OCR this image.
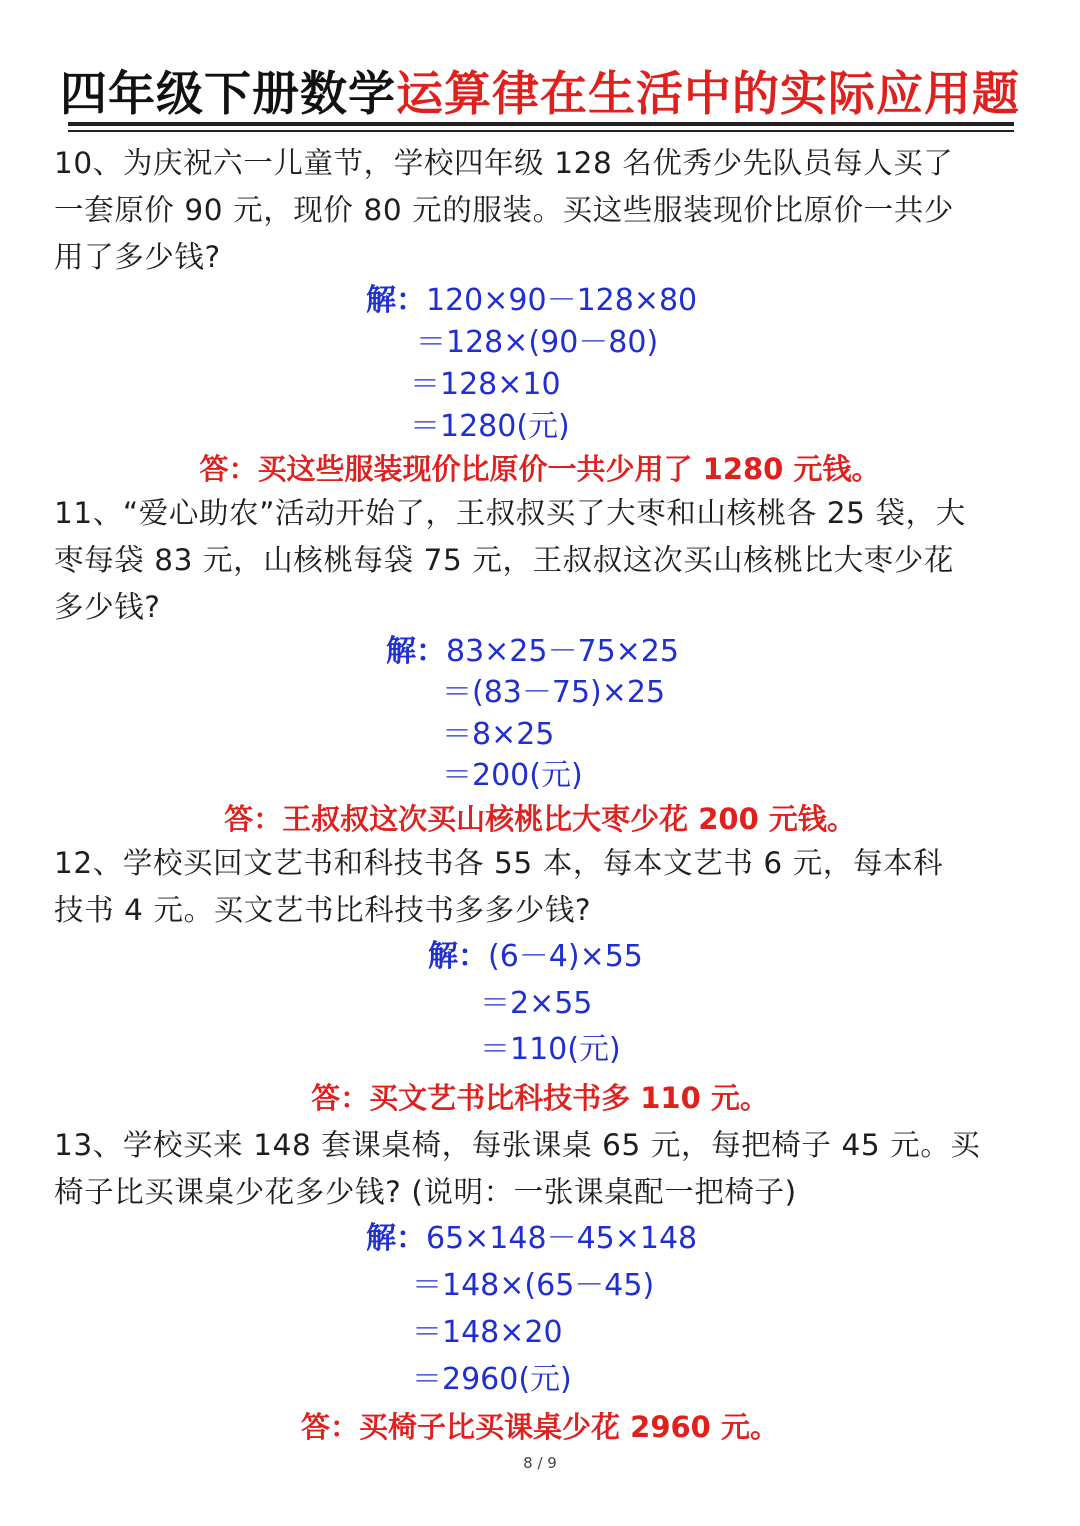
四年级下册数学运算律在生活中的实际应用题
10、为庆祝六一儿童节，学校四年级 128 名优秀少先队员每人买了
一套原价 90 元，现价 80 元的服装。买这些服装现价比原价一共少
用了多少钱?
解：120×90－128×80
＝128×(90－80)
＝128×10
＝1280(元)
答：买这些服装现价比原价一共少用了 1280 元钱。
11、“爱心助农”活动开始了，王叔叔买了大枣和山核桃各 25 袋，大
枣每袋 83 元，山核桃每袋 75 元，王叔叔这次买山核桃比大枣少花
多少钱?
解：83×25－75×25
＝(83－75)×25
＝8×25
＝200(元)
答：王叔叔这次买山核桃比大枣少花 200 元钱。
12、学校买回文艺书和科技书各 55 本，每本文艺书 6 元，每本科
技书 4 元。买文艺书比科技书多多少钱?
解：(6－4)×55
＝2×55
＝110(元)
答：买文艺书比科技书多 110 元。
13、学校买来 148 套课桌椅，每张课桌 65 元，每把椅子 45 元。买
椅子比买课桌少花多少钱? (说明：一张课桌配一把椅子)
解：65×148－45×148
＝148×(65－45)
＝148×20
＝2960(元)
答：买椅子比买课桌少花 2960 元。
8 / 9
